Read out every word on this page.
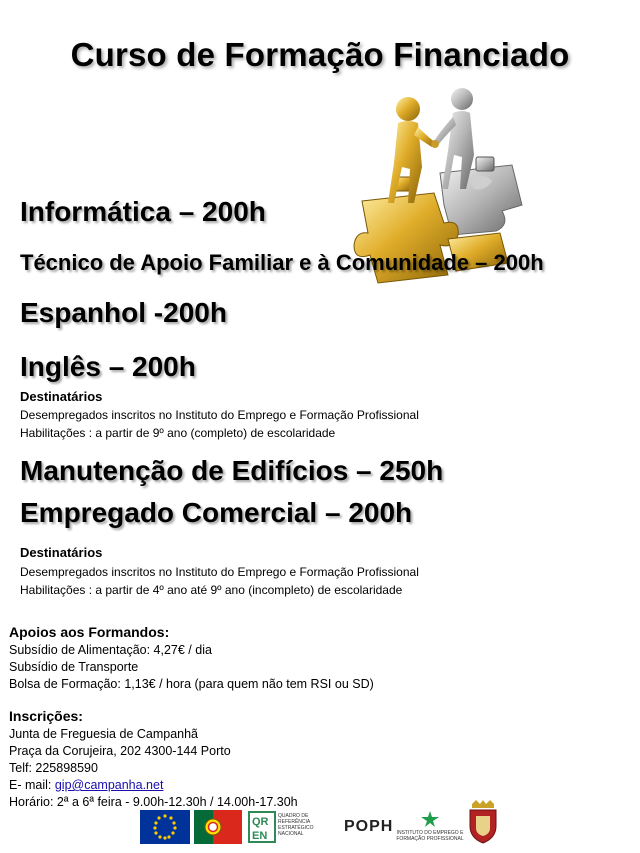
Curso de Formação Financiado
Informática – 200h
Técnico de Apoio Familiar e à Comunidade – 200h
Espanhol -200h
Inglês – 200h
Destinatários
Desempregados inscritos no Instituto do Emprego e Formação Profissional
Habilitações : a partir de 9º ano (completo) de escolaridade
Manutenção de Edifícios – 250h
Empregado Comercial – 200h
Destinatários
Desempregados inscritos no Instituto do Emprego e Formação Profissional
Habilitações : a partir de 4º ano até 9º ano (incompleto) de escolaridade
Apoios aos Formandos:
Subsídio de Alimentação: 4,27€ / dia
Subsídio de Transporte
Bolsa de Formação: 1,13€ / hora (para quem não tem RSI ou SD)
Inscrições:
Junta de Freguesia de Campanhã
Praça da Corujeira, 202 4300-144 Porto
Telf: 225898590
E- mail: gip@campanha.net
Horário: 2ª a 6ª feira - 9.00h-12.30h / 14.00h-17.30h
QR
EN
QUADRO DE REFERÊNCIA ESTRATÉGICO NACIONAL	POPH INSTITUTO DO EMPREGO E FORMAÇÃO PROFISSIONAL
